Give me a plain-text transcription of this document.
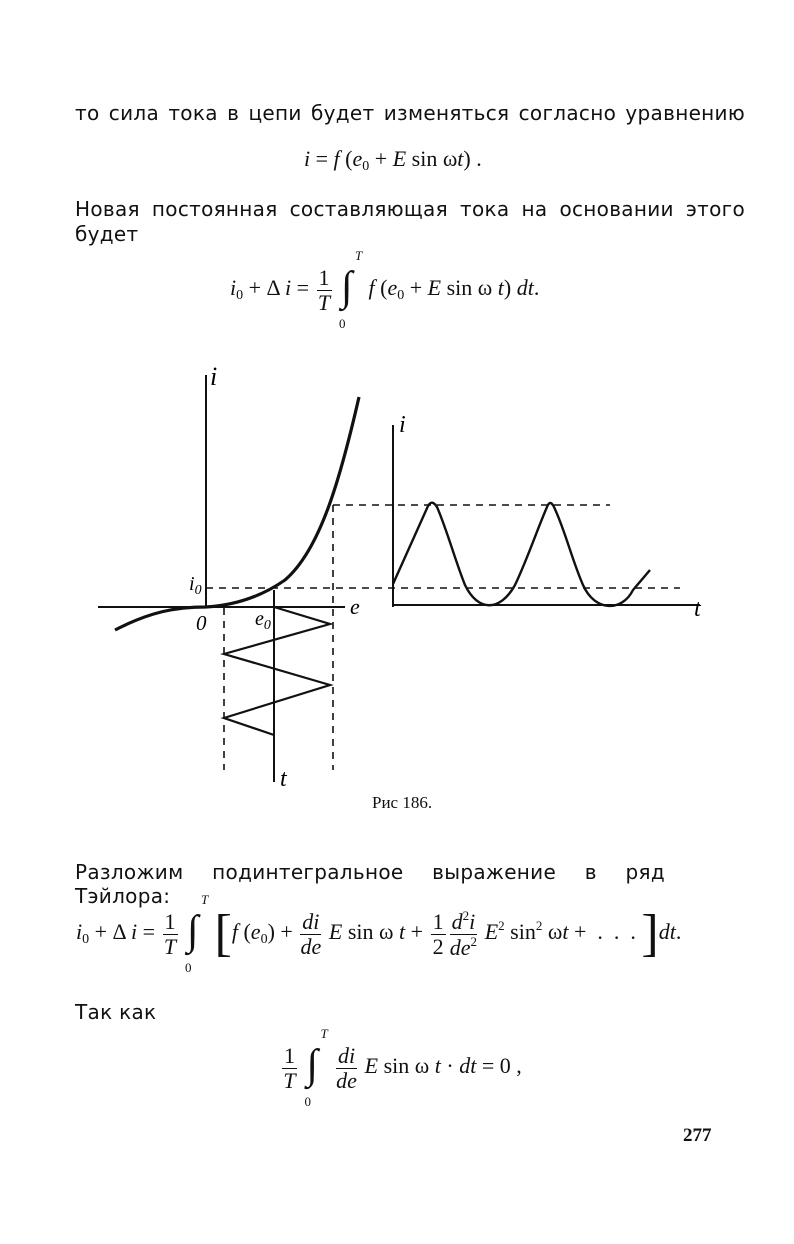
то сила тока в цепи будет изменяться согласно уравнению
i = f ($e_0 + E$ sin ωt) .
Новая постоянная составляющая тока на основании этого
будет
$i_0 + \Delta$ $i = \frac{1}{T}$

T
∫
0
f ($e_0 + E$ sin ω t) dt.
i
i
0
e	t
t
$i_0$
$e_0$
Рис 186.
Разложим подинтегральное выражение в ряд Тэйлора:
$i_0 + \Delta$ $i = \frac{1}{T}$

T
∫
0
[f $(e_0) + \frac{di}{de}$ E sin ω $t + \frac{1}{2} \frac{d^2i}{de^2} E^2$ $\sin^2 \omega t$ +  .  .  . ]dt.
Так как
$\frac{1}{T}$

T
∫
0

$\frac{di}{de}$ E sin ω t · dt = 0 ,
277
